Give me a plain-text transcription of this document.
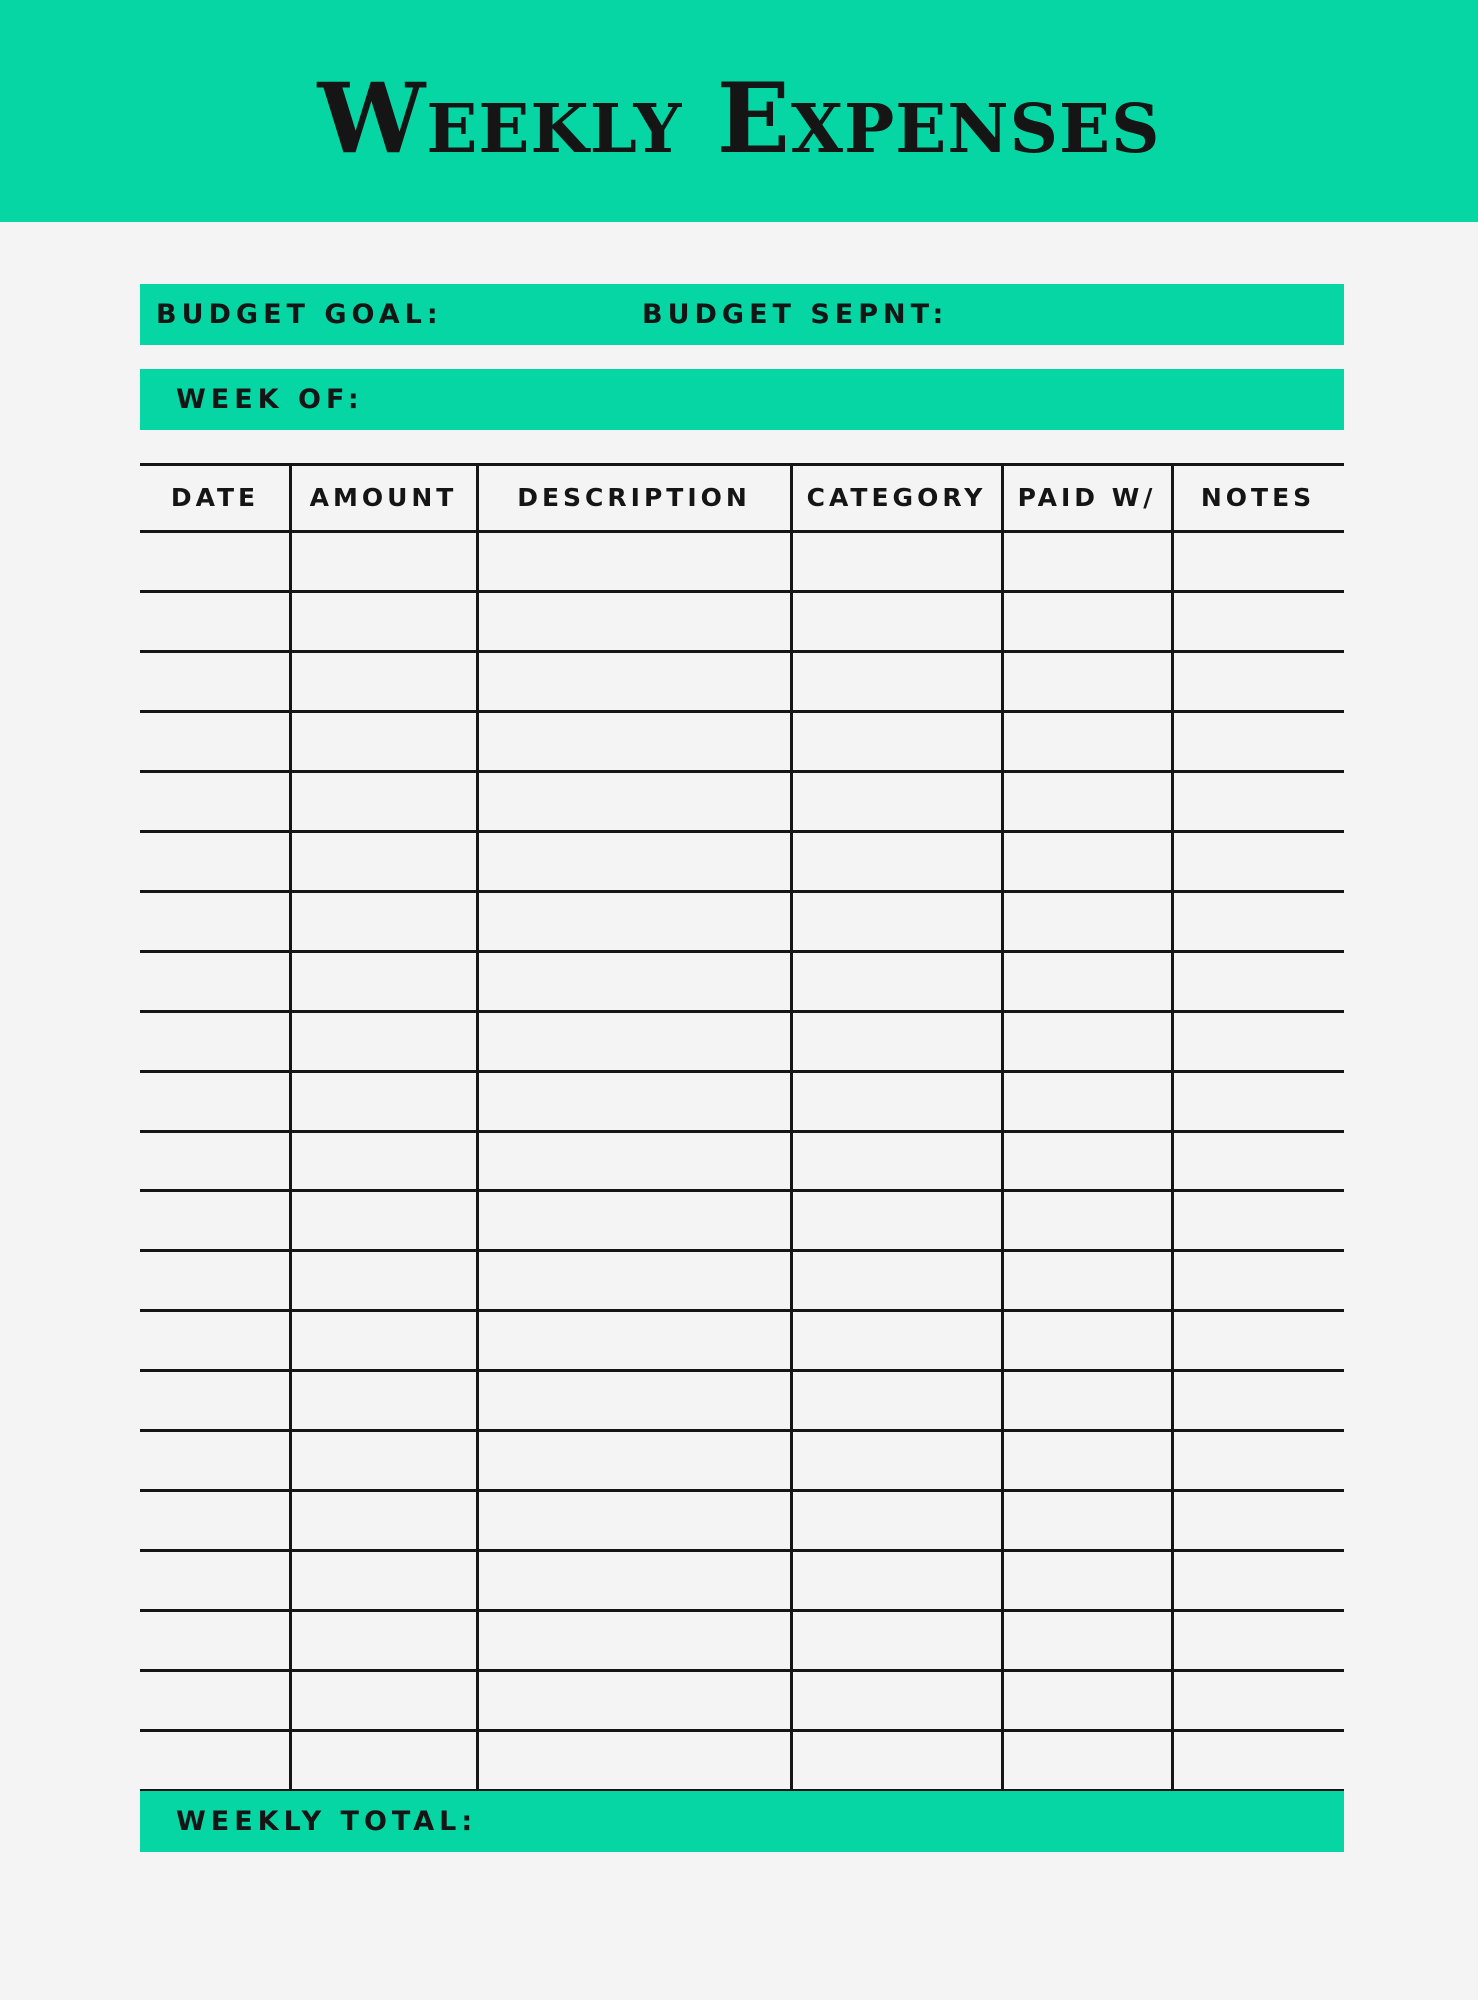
Weekly Expenses
BUDGET GOAL:	BUDGET SEPNT:
WEEK OF:
DATE	AMOUNT	DESCRIPTION	CATEGORY	PAID W/	NOTES
WEEKLY TOTAL:
